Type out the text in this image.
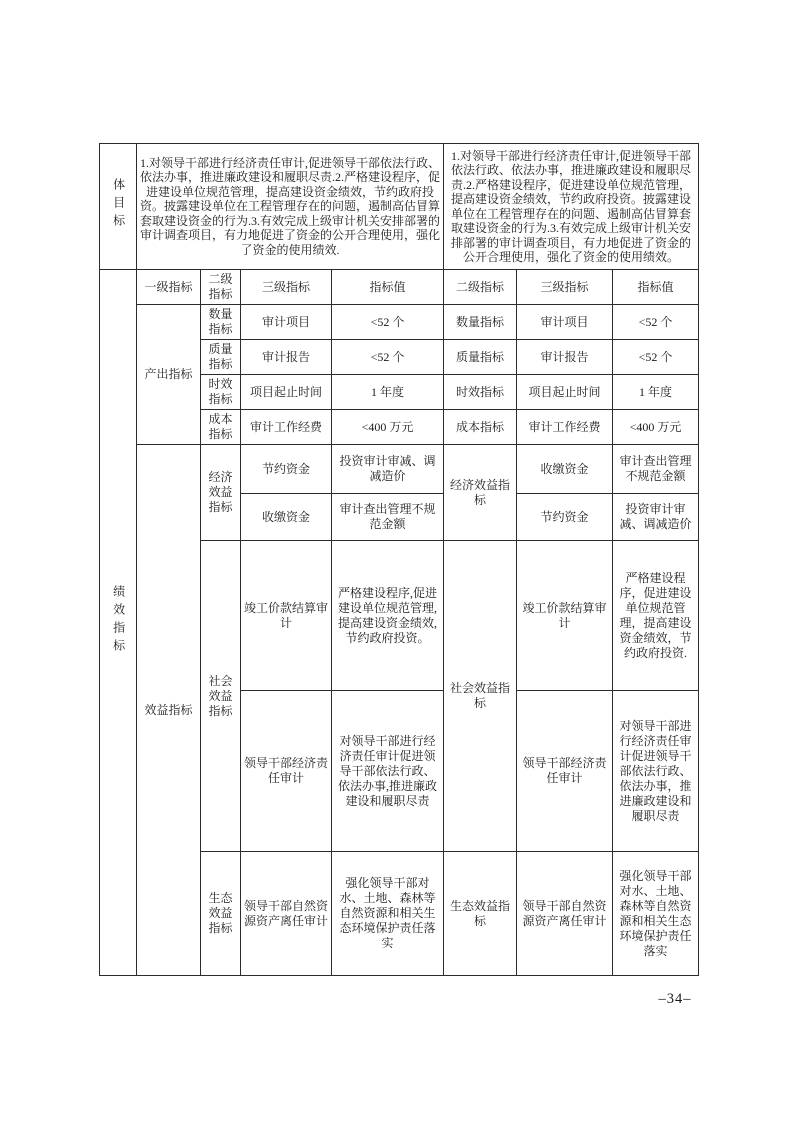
体目标	1.对领导干部进行经济责任审计,促进领导干部依法行政、依法办事，推进廉政建设和履职尽责.2.严格建设程序，促进建设单位规范管理，提高建设资金绩效，节约政府投资。披露建设单位在工程管理存在的问题，遏制高估冒算套取建设资金的行为.3.有效完成上级审计机关安排部署的审计调查项目，有力地促进了资金的公开合理使用，强化了资金的使用绩效.				1.对领导干部进行经济责任审计,促进领导干部依法行政、依法办事，推进廉政建设和履职尽责.2.严格建设程序，促进建设单位规范管理，提高建设资金绩效，节约政府投资。披露建设单位在工程管理存在的问题、遏制高估冒算套取建设资金的行为.3.有效完成上级审计机关安排部署的审计调查项目，有力地促进了资金的公开合理使用，强化了资金的使用绩效。		
绩效指标	一级指标	二级指标	三级指标	指标值	二级指标	三级指标	指标值
	产出指标	数量指标	审计项目	<52 个	数量指标	审计项目	<52 个
		质量指标	审计报告	<52 个	质量指标	审计报告	<52 个
		时效指标	项目起止时间	1 年度	时效指标	项目起止时间	1 年度
		成本指标	审计工作经费	<400 万元	成本指标	审计工作经费	<400 万元
	效益指标	经济效益指标	节约资金	投资审计审减、调减造价	经济效益指标	收缴资金	审计查出管理不规范金额
			收缴资金	审计查出管理不规范金额		节约资金	投资审计审减、调减造价
		社会效益指标	竣工价款结算审计	严格建设程序,促进建设单位规范管理,提高建设资金绩效,节约政府投资。	社会效益指标	竣工价款结算审计	严格建设程序，促进建设单位规范管理，提高建设资金绩效，节约政府投资.
			领导干部经济责任审计	对领导干部进行经济责任审计促进领导干部依法行政、依法办事,推进廉政建设和履职尽责		领导干部经济责任审计	对领导干部进行经济责任审计促进领导干部依法行政、依法办事，推进廉政建设和履职尽责
		生态效益指标	领导干部自然资源资产离任审计	强化领导干部对水、土地、森林等自然资源和相关生态环境保护责任落实	生态效益指标	领导干部自然资源资产离任审计	强化领导干部对水、土地、森林等自然资源和相关生态环境保护责任落实
–34–
